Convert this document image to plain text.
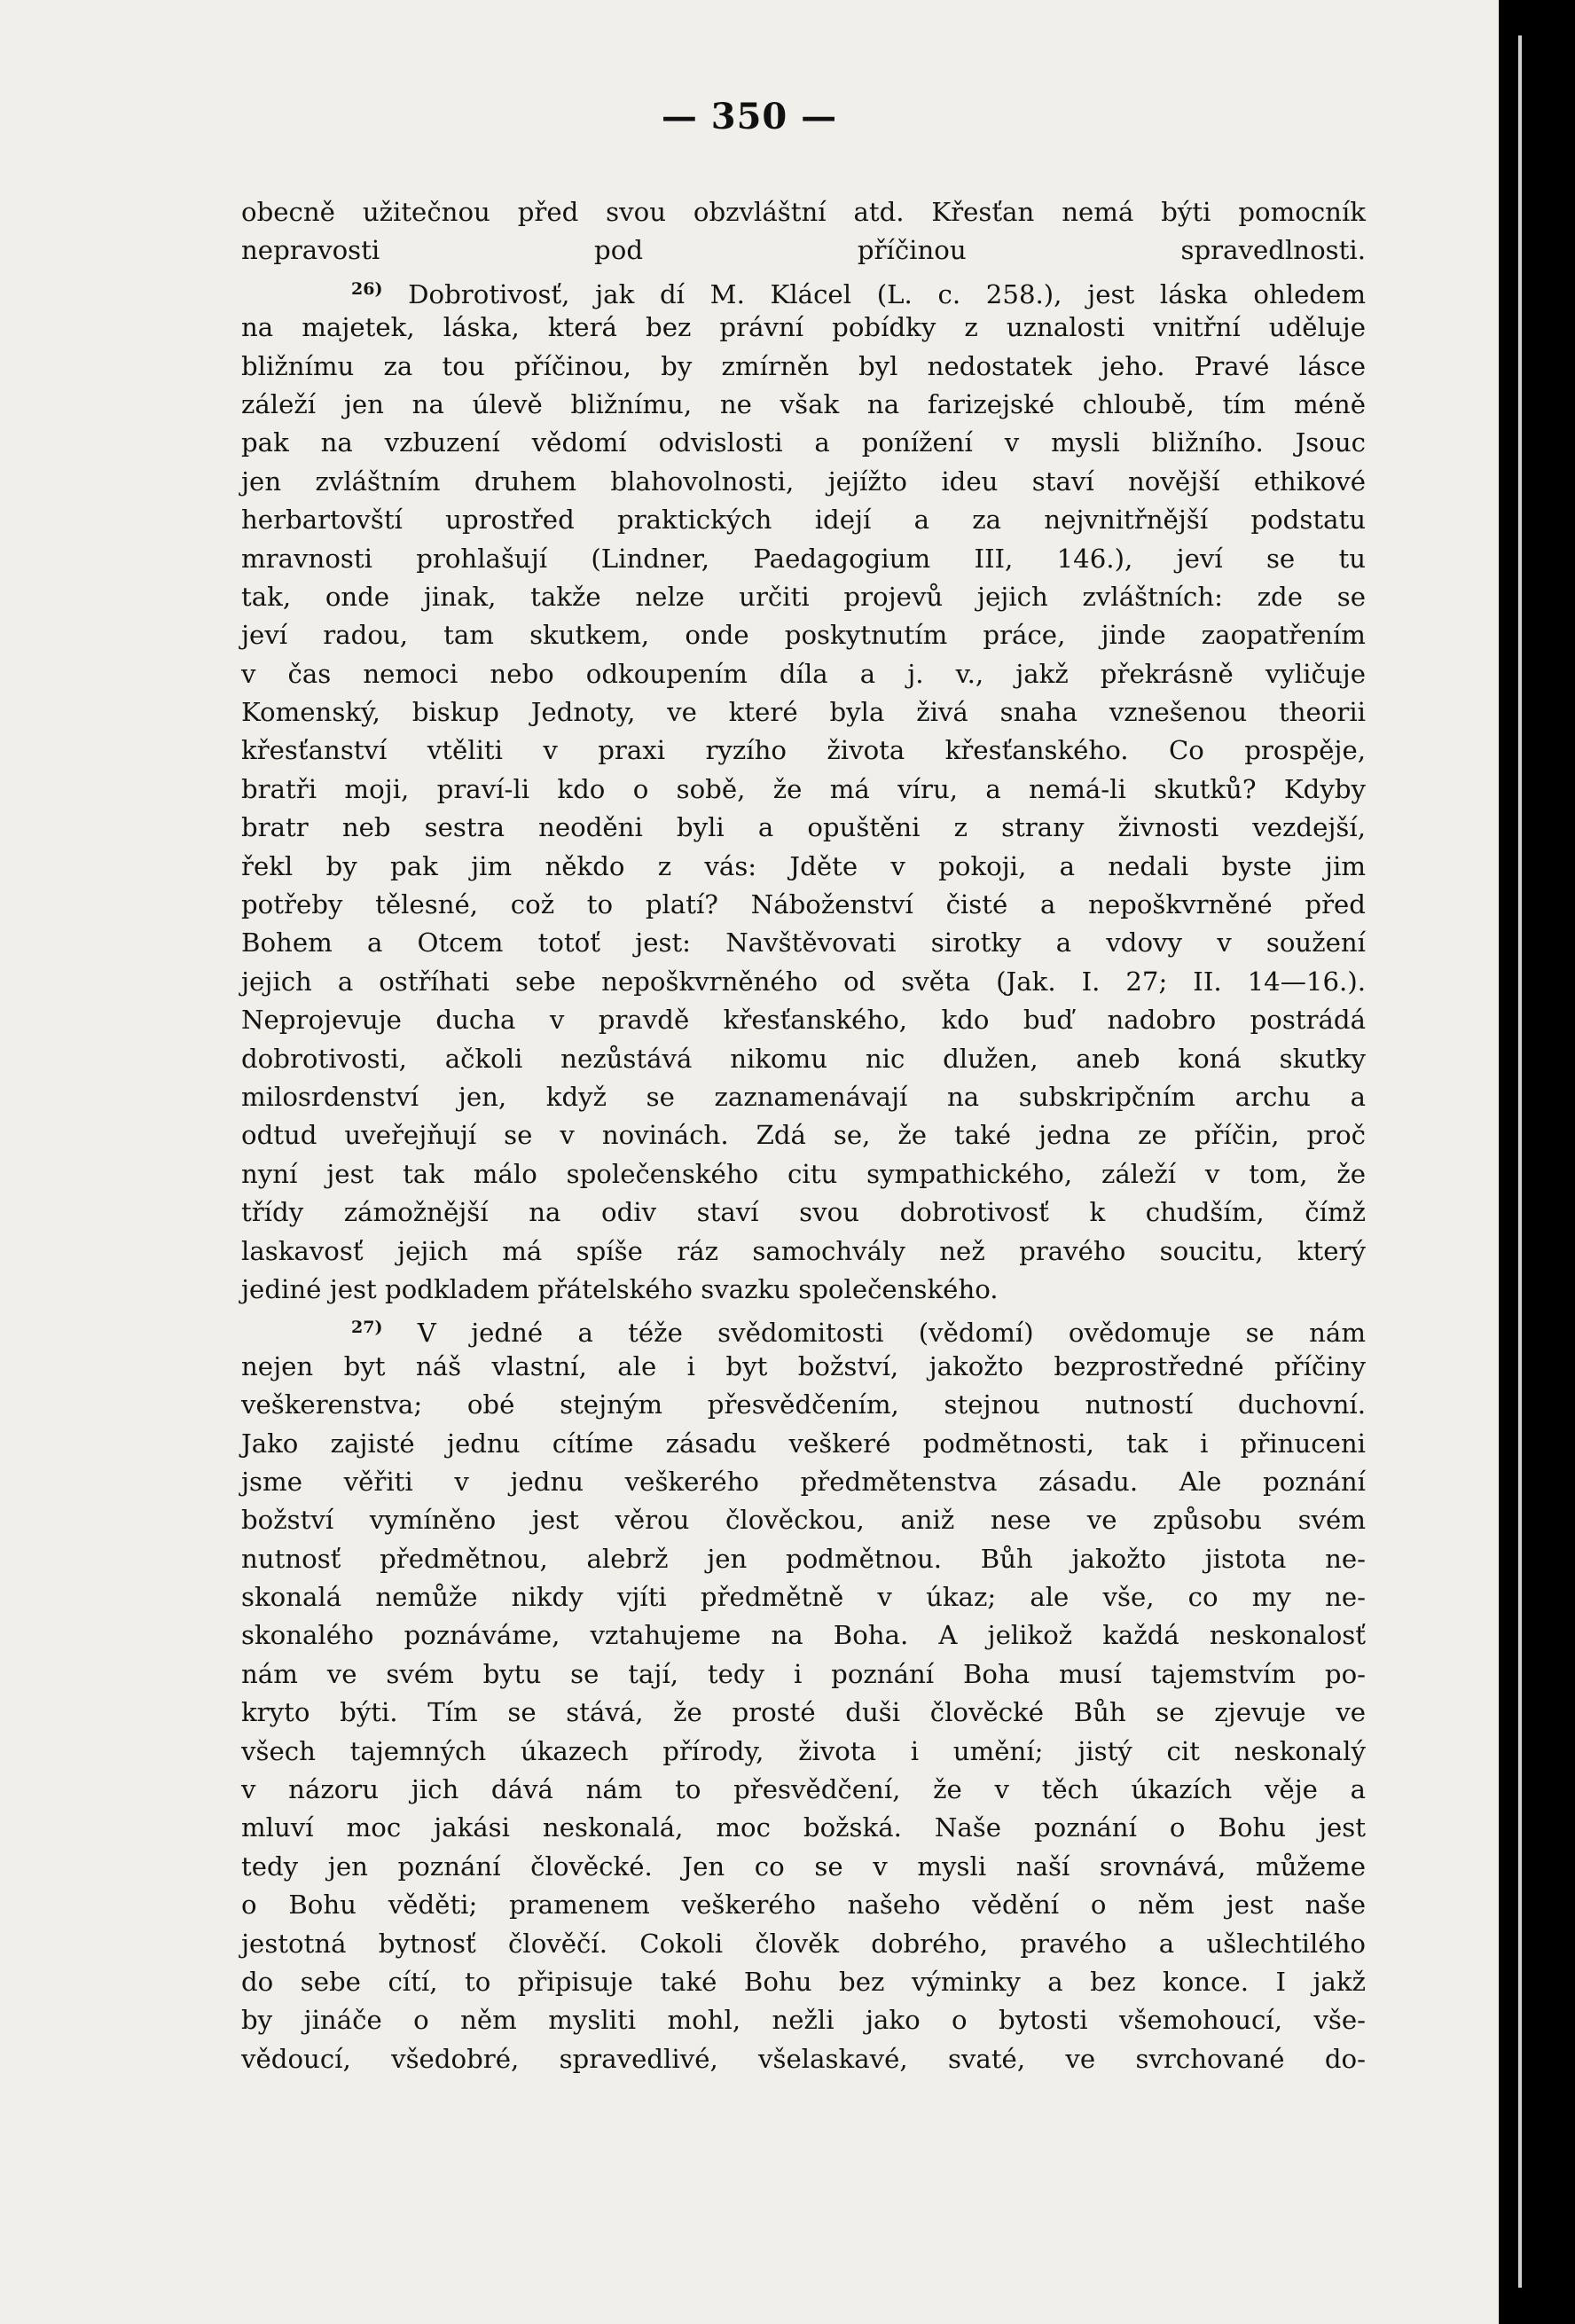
— 350 —
obecně užitečnou před svou obzvláštní atd. Křesťan nemá býti pomocník
nepravosti pod příčinou spravedlnosti.
$^{26)}$ Dobrotivosť, jak dí M. Klácel (L. c. 258.), jest láska ohledem
na majetek, láska, která bez právní pobídky z uznalosti vnitřní uděluje
bližnímu za tou příčinou, by zmírněn byl nedostatek jeho. Pravé lásce
záleží jen na úlevě bližnímu, ne však na farizejské chloubě, tím méně
pak na vzbuzení vědomí odvislosti a ponížení v mysli bližního. Jsouc
jen zvláštním druhem blahovolnosti, jejížto ideu staví novější ethikové
herbartovští uprostřed praktických idejí a za nejvnitřnější podstatu
mravnosti prohlašují (Lindner, Paedagogium III, 146.), jeví se tu
tak, onde jinak, takže nelze určiti projevů jejich zvláštních: zde se
jeví radou, tam skutkem, onde poskytnutím práce, jinde zaopatřením
v čas nemoci nebo odkoupením díla a j. v., jakž překrásně vyličuje
Komenský, biskup Jednoty, ve které byla živá snaha vznešenou theorii
křesťanství vtěliti v praxi ryzího života křesťanského. Co prospěje,
bratři moji, praví-li kdo o sobě, že má víru, a nemá-li skutků? Kdyby
bratr neb sestra neoděni byli a opuštěni z strany živnosti vezdejší,
řekl by pak jim někdo z vás: Jděte v pokoji, a nedali byste jim
potřeby tělesné, což to platí? Náboženství čisté a nepoškvrněné před
Bohem a Otcem totoť jest: Navštěvovati sirotky a vdovy v soužení
jejich a ostříhati sebe nepoškvrněného od světa (Jak. I. 27; II. 14—16.).
Neprojevuje ducha v pravdě křesťanského, kdo buď nadobro postrádá
dobrotivosti, ačkoli nezůstává nikomu nic dlužen, aneb koná skutky
milosrdenství jen, když se zaznamenávají na subskripčním archu a
odtud uveřejňují se v novinách. Zdá se, že také jedna ze příčin, proč
nyní jest tak málo společenského citu sympathického, záleží v tom, že
třídy zámožnější na odiv staví svou dobrotivosť k chudším, čímž
laskavosť jejich má spíše ráz samochvály než pravého soucitu, který
jediné jest podkladem přátelského svazku společenského.
$^{27)}$ V jedné a téže svědomitosti (vědomí) ovědomuje se nám
nejen byt náš vlastní, ale i byt božství, jakožto bezprostředné příčiny
veškerenstva; obé stejným přesvědčením, stejnou nutností duchovní.
Jako zajisté jednu cítíme zásadu veškeré podmětnosti, tak i přinuceni
jsme věřiti v jednu veškerého předmětenstva zásadu. Ale poznání
božství vymíněno jest věrou člověckou, aniž nese ve způsobu svém
nutnosť předmětnou, alebrž jen podmětnou. Bůh jakožto jistota ne-
skonalá nemůže nikdy vjíti předmětně v úkaz; ale vše, co my ne-
skonalého poznáváme, vztahujeme na Boha. A jelikož každá neskonalosť
nám ve svém bytu se tají, tedy i poznání Boha musí tajemstvím po-
kryto býti. Tím se stává, že prosté duši člověcké Bůh se zjevuje ve
všech tajemných úkazech přírody, života i umění; jistý cit neskonalý
v názoru jich dává nám to přesvědčení, že v těch úkazích věje a
mluví moc jakási neskonalá, moc božská. Naše poznání o Bohu jest
tedy jen poznání člověcké. Jen co se v mysli naší srovnává, můžeme
o Bohu věděti; pramenem veškerého našeho vědění o něm jest naše
jestotná bytnosť člověčí. Cokoli člověk dobrého, pravého a ušlechtilého
do sebe cítí, to připisuje také Bohu bez výminky a bez konce. I jakž
by jináče o něm mysliti mohl, nežli jako o bytosti všemohoucí, vše-
vědoucí, všedobré, spravedlivé, všelaskavé, svaté, ve svrchované do-
